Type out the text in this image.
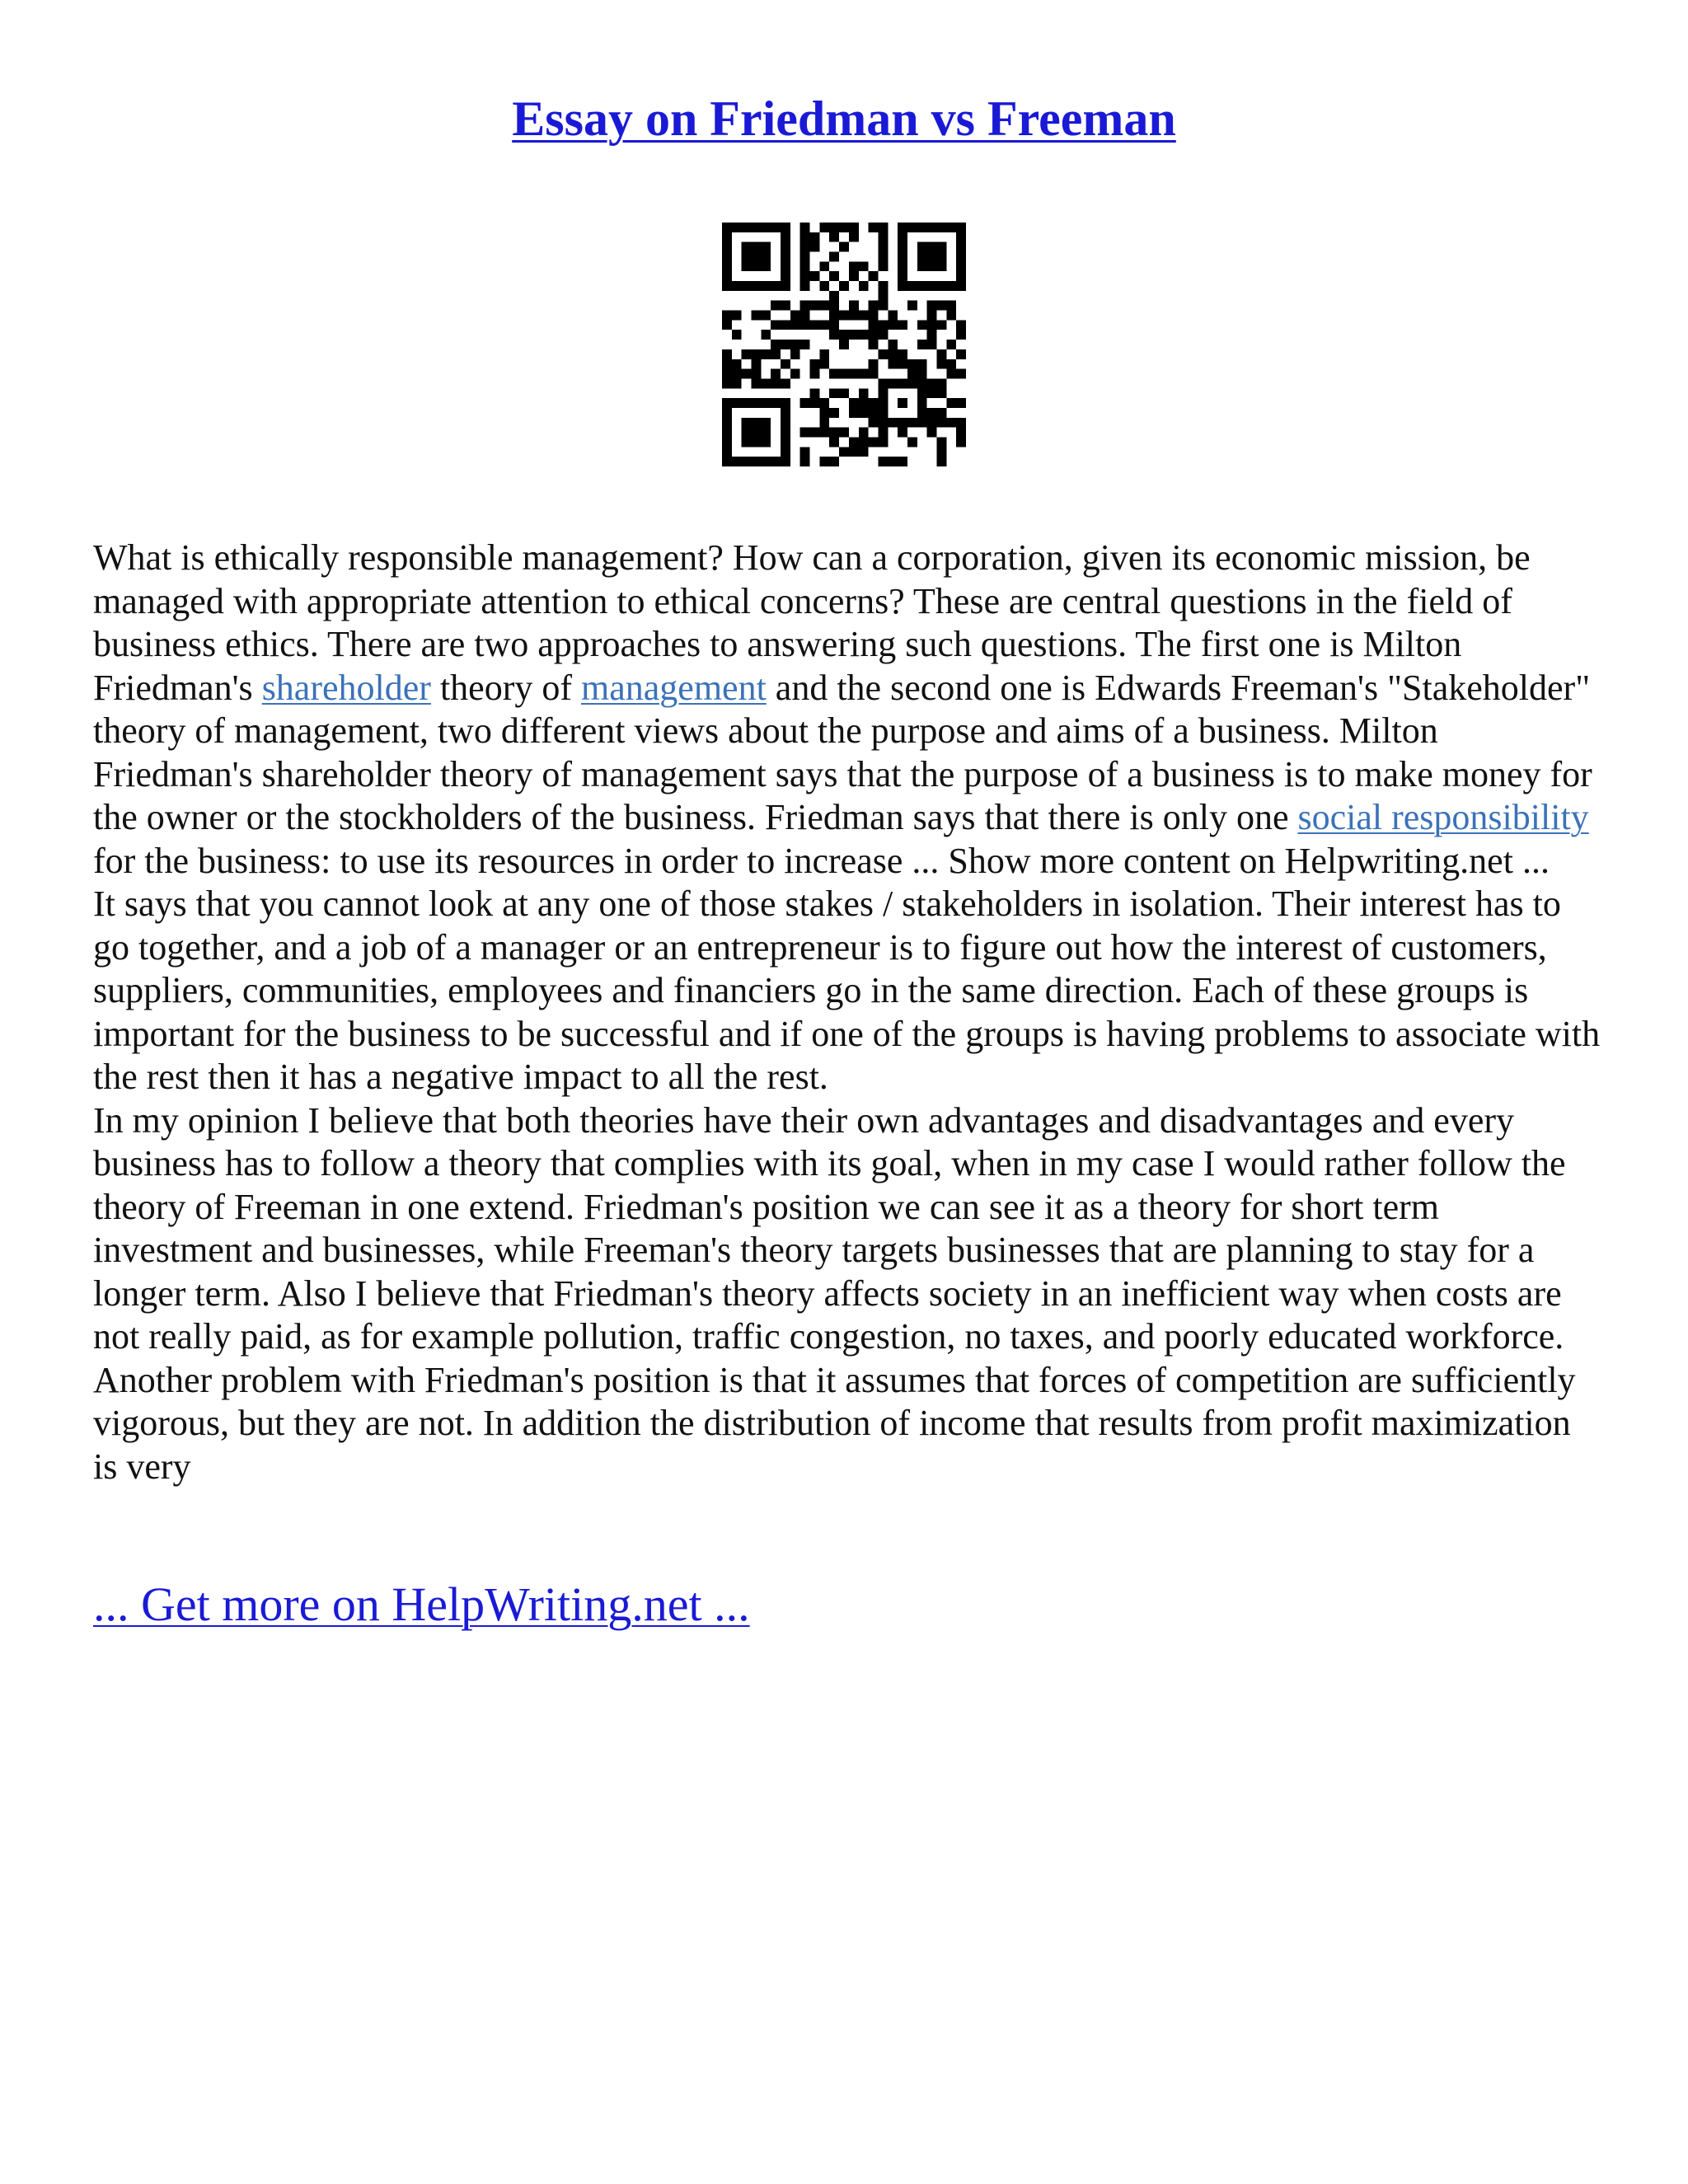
Essay on Friedman vs Freeman

What is ethically responsible management? How can a corporation, given its economic mission, be managed with appropriate attention to ethical concerns? These are central questions in the field of business ethics. There are two approaches to answering such questions. The first one is Milton Friedman's shareholder theory of management and the second one is Edwards Freeman's "Stakeholder" theory of management, two different views about the purpose and aims of a business. Milton Friedman's shareholder theory of management says that the purpose of a business is to make money for the owner or the stockholders of the business. Friedman says that there is only one social responsibility for the business: to use its resources in order to increase ... Show more content on Helpwriting.net ...

It says that you cannot look at any one of those stakes / stakeholders in isolation. Their interest has to go together, and a job of a manager or an entrepreneur is to figure out how the interest of customers, suppliers, communities, employees and financiers go in the same direction. Each of these groups is important for the business to be successful and if one of the groups is having problems to associate with the rest then it has a negative impact to all the rest.

In my opinion I believe that both theories have their own advantages and disadvantages and every business has to follow a theory that complies with its goal, when in my case I would rather follow the theory of Freeman in one extend. Friedman's position we can see it as a theory for short term investment and businesses, while Freeman's theory targets businesses that are planning to stay for a longer term. Also I believe that Friedman's theory affects society in an inefficient way when costs are not really paid, as for example pollution, traffic congestion, no taxes, and poorly educated workforce. Another problem with Friedman's position is that it assumes that forces of competition are sufficiently vigorous, but they are not. In addition the distribution of income that results from profit maximization is very

... Get more on HelpWriting.net ...
